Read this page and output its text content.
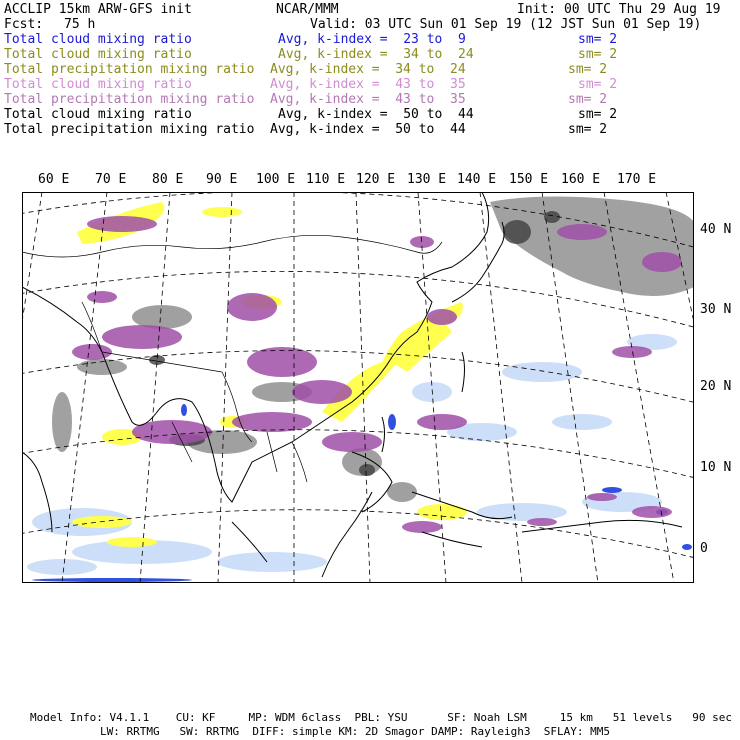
ACCLIP 15km ARW-GFS init	NCAR/MMM	Init: 00 UTC Thu 29 Aug 19
Fcst: 75 h	Valid: 03 UTC Sun 01 Sep 19 (12 JST Sun 01 Sep 19)
Total cloud mixing ratio	Avg, k-index =  23 to  9	sm= 2
Total cloud mixing ratio	Avg, k-index =  34 to  24	sm= 2
Total precipitation mixing ratio Avg, k-index =  34 to  24	sm= 2
Total cloud mixing ratio	Avg, k-index =  43 to  35	sm= 2
Total precipitation mixing ratio Avg, k-index =  43 to  35	sm= 2
Total cloud mixing ratio	Avg, k-index =  50 to  44	sm= 2
Total precipitation mixing ratio Avg, k-index =  50 to  44	sm= 2
60 E 70 E 80 E 90 E 100 E 110 E 120 E 130 E 140 E 150 E 160 E 170 E
40 N
30 N
20 N
10 N
0
Model Info: V4.1.1    CU: KF     MP: WDM 6class  PBL: YSU      SF: Noah LSM     15 km   51 levels   90 sec
LW: RRTMG   SW: RRTMG  DIFF: simple KM: 2D Smagor DAMP: Rayleigh3  SFLAY: MM5
